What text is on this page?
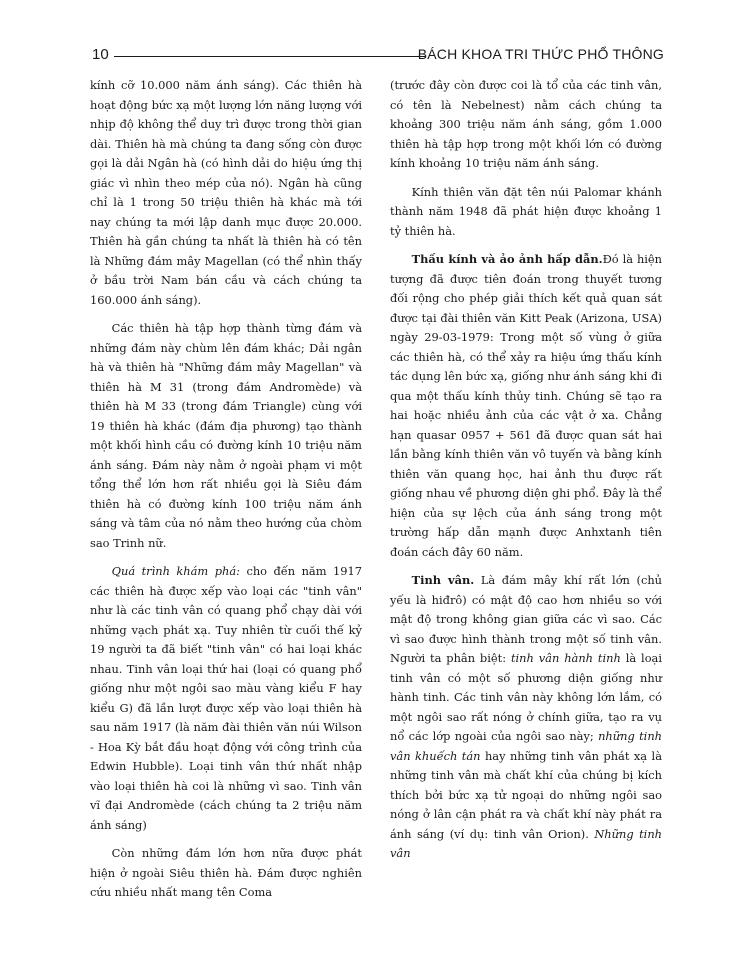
10	BÁCH KHOA TRI THỨC PHỔ THÔNG

kính cỡ 10.000 năm ánh sáng). Các thiên hà hoạt động bức xạ một lượng lớn năng lượng với nhịp độ không thể duy trì được trong thời gian dài. Thiên hà mà chúng ta đang sống còn được gọi là dải Ngân hà (có hình dải do hiệu ứng thị giác vì nhìn theo mép của nó). Ngân hà cũng chỉ là 1 trong 50 triệu thiên hà khác mà tới nay chúng ta mới lập danh mục được 20.000. Thiên hà gần chúng ta nhất là thiên hà có tên là Những đám mây Magellan (có thể nhìn thấy ở bầu trời Nam bán cầu và cách chúng ta 160.000 ánh sáng).

Các thiên hà tập hợp thành từng đám và những đám này chùm lên đám khác; Dải ngân hà và thiên hà "Những đám mây Magellan" và thiên hà M 31 (trong đám Andromède) và thiên hà M 33 (trong đám Triangle) cùng với 19 thiên hà khác (đám địa phương) tạo thành một khối hình cầu có đường kính 10 triệu năm ánh sáng. Đám này nằm ở ngoài phạm vi một tổng thể lớn hơn rất nhiều gọi là Siêu đám thiên hà có đường kính 100 triệu năm ánh sáng và tâm của nó nằm theo hướng của chòm sao Trinh nữ.

Quá trình khám phá: cho đến năm 1917 các thiên hà được xếp vào loại các "tinh vân" như là các tinh vân có quang phổ chạy dài với những vạch phát xạ. Tuy nhiên từ cuối thế kỷ 19 người ta đã biết "tinh vân" có hai loại khác nhau. Tinh vân loại thứ hai (loại có quang phổ giống như một ngôi sao màu vàng kiểu F hay kiểu G) đã lần lượt được xếp vào loại thiên hà sau năm 1917 (là năm đài thiên văn núi Wilson - Hoa Kỳ bắt đầu hoạt động với công trình của Edwin Hubble). Loại tinh vân thứ nhất nhập vào loại thiên hà coi là những vì sao. Tinh vân vĩ đại Andromède (cách chúng ta 2 triệu năm ánh sáng)

Còn những đám lớn hơn nữa được phát hiện ở ngoài Siêu thiên hà. Đám được nghiên cứu nhiều nhất mang tên Coma

(trước đây còn được coi là tổ của các tinh vân, có tên là Nebelnest) nằm cách chúng ta khoảng 300 triệu năm ánh sáng, gồm 1.000 thiên hà tập hợp trong một khối lớn có đường kính khoảng 10 triệu năm ánh sáng.

Kính thiên văn đặt tên núi Palomar khánh thành năm 1948 đã phát hiện được khoảng 1 tỷ thiên hà.

Thấu kính và ảo ảnh hấp dẫn.Đó là hiện tượng đã được tiên đoán trong thuyết tương đối rộng cho phép giải thích kết quả quan sát được tại đài thiên văn Kitt Peak (Arizona, USA) ngày 29-03-1979: Trong một số vùng ở giữa các thiên hà, có thể xảy ra hiệu ứng thấu kính tác dụng lên bức xạ, giống như ánh sáng khi đi qua một thấu kính thủy tinh. Chúng sẽ tạo ra hai hoặc nhiều ảnh của các vật ở xa. Chẳng hạn quasar 0957 + 561 đã được quan sát hai lần bằng kính thiên văn vô tuyến và bằng kính thiên văn quang học, hai ảnh thu được rất giống nhau về phương diện ghi phổ. Đây là thể hiện của sự lệch của ánh sáng trong một trường hấp dẫn mạnh được Anhxtanh tiên đoán cách đây 60 năm.

Tinh vân. Là đám mây khí rất lớn (chủ yếu là hiđrô) có mật độ cao hơn nhiều so với mật độ trong không gian giữa các vì sao. Các vì sao được hình thành trong một số tinh vân. Người ta phân biệt: tinh vân hành tinh là loại tinh vân có một số phương diện giống như hành tinh. Các tinh vân này không lớn lắm, có một ngôi sao rất nóng ở chính giữa, tạo ra vụ nổ các lớp ngoài của ngôi sao này; những tinh vân khuếch tán hay những tinh vân phát xạ là những tinh vân mà chất khí của chúng bị kích thích bởi bức xạ tử ngoại do những ngôi sao nóng ở lân cận phát ra và chất khí này phát ra ánh sáng (ví dụ: tinh vân Orion). Những tinh vân
